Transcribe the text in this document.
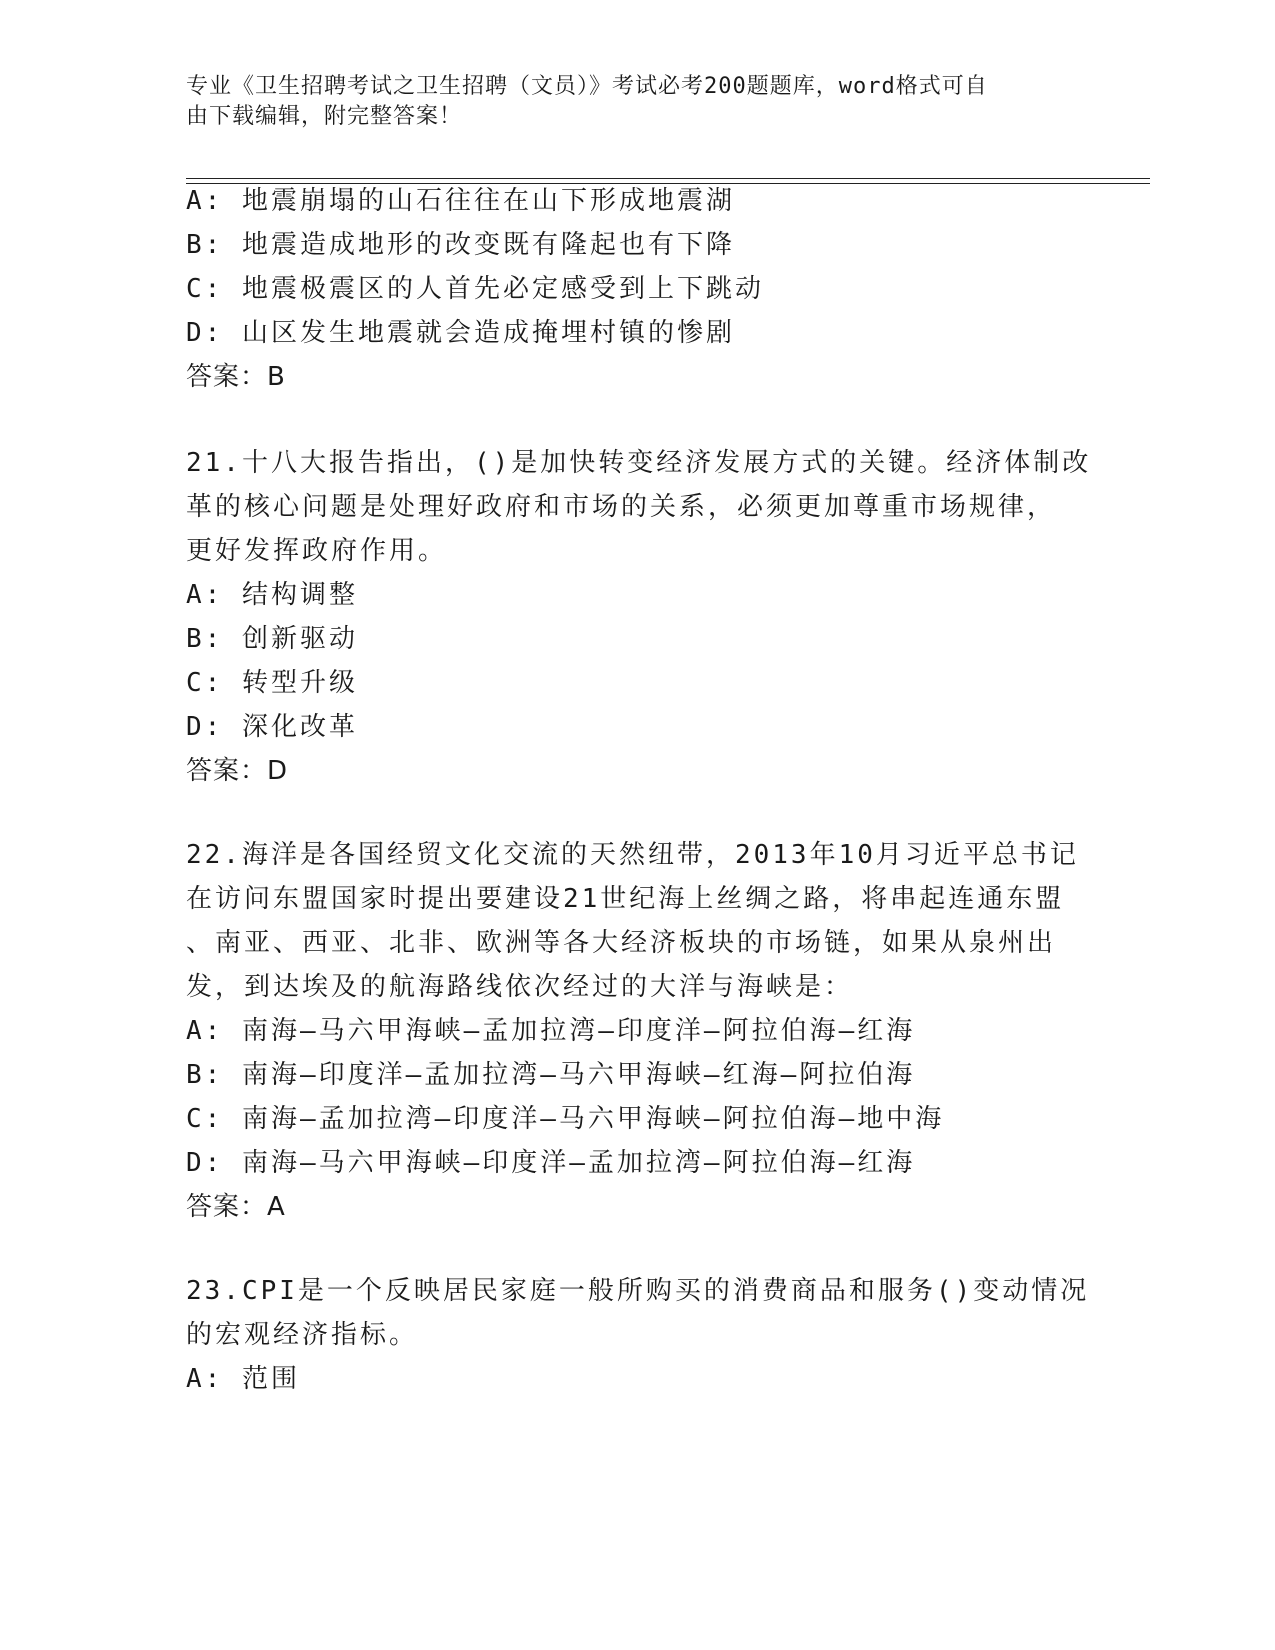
专业《卫生招聘考试之卫生招聘（文员）》考试必考200题题库，word格式可自
由下载编辑，附完整答案！
A: 地震崩塌的山石往往在山下形成地震湖
B: 地震造成地形的改变既有隆起也有下降
C: 地震极震区的人首先必定感受到上下跳动
D: 山区发生地震就会造成掩埋村镇的惨剧
答案：B
21.十八大报告指出，()是加快转变经济发展方式的关键。经济体制改
革的核心问题是处理好政府和市场的关系，必须更加尊重市场规律，
更好发挥政府作用。
A: 结构调整
B: 创新驱动
C: 转型升级
D: 深化改革
答案：D
22.海洋是各国经贸文化交流的天然纽带，2013年10月习近平总书记
在访问东盟国家时提出要建设21世纪海上丝绸之路，将串起连通东盟
、南亚、西亚、北非、欧洲等各大经济板块的市场链，如果从泉州出
发，到达埃及的航海路线依次经过的大洋与海峡是：
A: 南海—马六甲海峡—孟加拉湾—印度洋—阿拉伯海—红海
B: 南海—印度洋—孟加拉湾—马六甲海峡—红海—阿拉伯海
C: 南海—孟加拉湾—印度洋—马六甲海峡—阿拉伯海—地中海
D: 南海—马六甲海峡—印度洋—孟加拉湾—阿拉伯海—红海
答案：A
23.CPI是一个反映居民家庭一般所购买的消费商品和服务()变动情况
的宏观经济指标。
A: 范围
